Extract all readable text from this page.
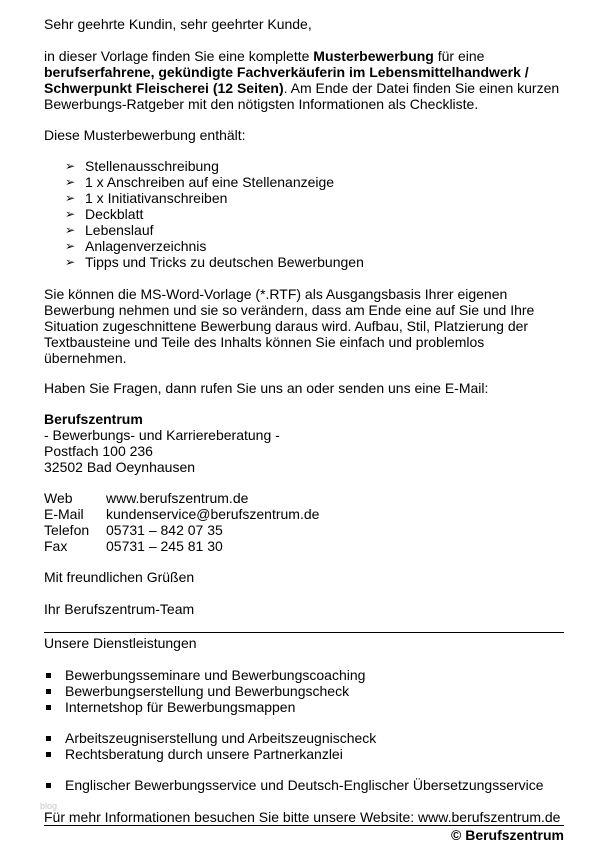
Sehr geehrte Kundin, sehr geehrter Kunde,

in dieser Vorlage finden Sie eine komplette Musterbewerbung für eine berufserfahrene, gekündigte Fachverkäuferin im Lebensmittelhandwerk / Schwerpunkt Fleischerei (12 Seiten). Am Ende der Datei finden Sie einen kurzen Bewerbungs-Ratgeber mit den nötigsten Informationen als Checkliste.

Diese Musterbewerbung enthält:

➢ Stellenausschreibung
➢ 1 x Anschreiben auf eine Stellenanzeige
➢ 1 x Initiativanschreiben
➢ Deckblatt
➢ Lebenslauf
➢ Anlagenverzeichnis
➢ Tipps und Tricks zu deutschen Bewerbungen

Sie können die MS-Word-Vorlage (*.RTF) als Ausgangsbasis Ihrer eigenen Bewerbung nehmen und sie so verändern, dass am Ende eine auf Sie und Ihre Situation zugeschnittene Bewerbung daraus wird. Aufbau, Stil, Platzierung der Textbausteine und Teile des Inhalts können Sie einfach und problemlos übernehmen.

Haben Sie Fragen, dann rufen Sie uns an oder senden uns eine E-Mail:

Berufszentrum
- Bewerbungs- und Karriereberatung -
Postfach 100 236
32502 Bad Oeynhausen
Web	www.berufszentrum.de
E-Mail	kundenservice@berufszentrum.de
Telefon	05731 – 842 07 35
Fax	05731 – 245 81 30

Mit freundlichen Grüßen

Ihr Berufszentrum-Team

Unsere Dienstleistungen

Bewerbungsseminare und Bewerbungscoaching
Bewerbungserstellung und Bewerbungscheck
Internetshop für Bewerbungsmappen
Arbeitszeugniserstellung und Arbeitszeugnischeck
Rechtsberatung durch unsere Partnerkanzlei
Englischer Bewerbungsservice und Deutsch-Englischer Übersetzungsservice
blog

Für mehr Informationen besuchen Sie bitte unsere Website: www.berufszentrum.de

© Berufszentrum
